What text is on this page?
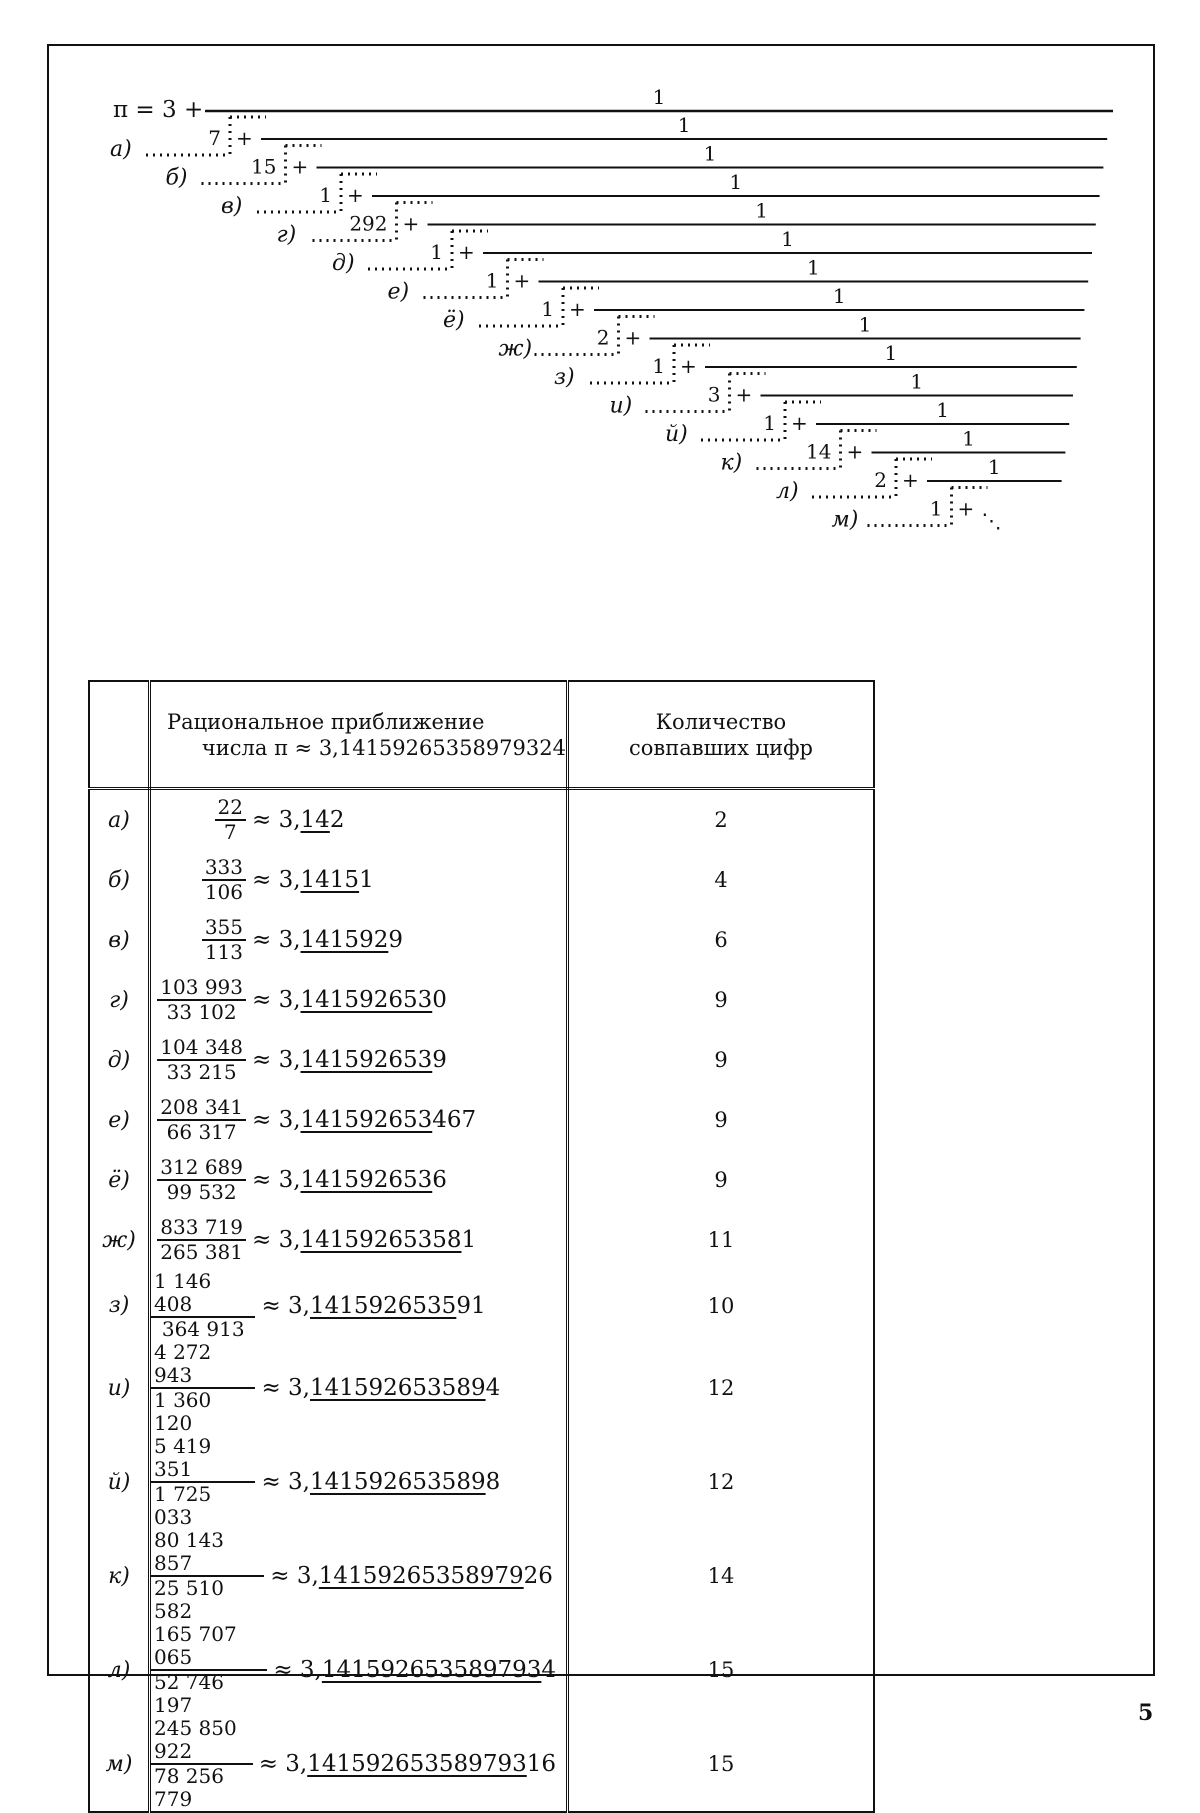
π = 3 +	1
а)	7 +
1
б)	15 +
1
в)	1 +
1
г)	292 +
1
д)	1 +
1
е)	1 +
1
ё)	1 +
1
ж)	2 +
1
з)	1 +
1
и)	3 +
1
й)	1 +
1
к)	14 +
1
л)	2 +
1
м)	1 + ⋱

Рациональное приближение
числа π ≈ 3,14159265358979324

Количество
совпавших цифр

а)	
22
7 ≈ 3,142	2
б)	
333
106 ≈ 3,14151	4
в)	
355
113 ≈ 3,1415929	6
г)	
103 993
33 102 ≈ 3,1415926530	9
д)	
104 348
33 215 ≈ 3,1415926539	9
е)	
208 341
66 317 ≈ 3,141592653467	9
ё)	
312 689
99 532 ≈ 3,1415926536	9
ж)	
833 719
265 381 ≈ 3,141592653581	11
з)	
1 146 408
364 913
≈ 3,141592653591	10
и)	
4 272 943
1 360 120
≈ 3,1415926535894	12
й)	
5 419 351
1 725 033
≈ 3,1415926535898	12
к)	
80 143 857
25 510 582
≈ 3,1415926535897926	14
л)	
165 707 065
52 746 197
≈ 3,1415926535897934	15
м)	
245 850 922
78 256 779
≈ 3,14159265358979316	15
5
